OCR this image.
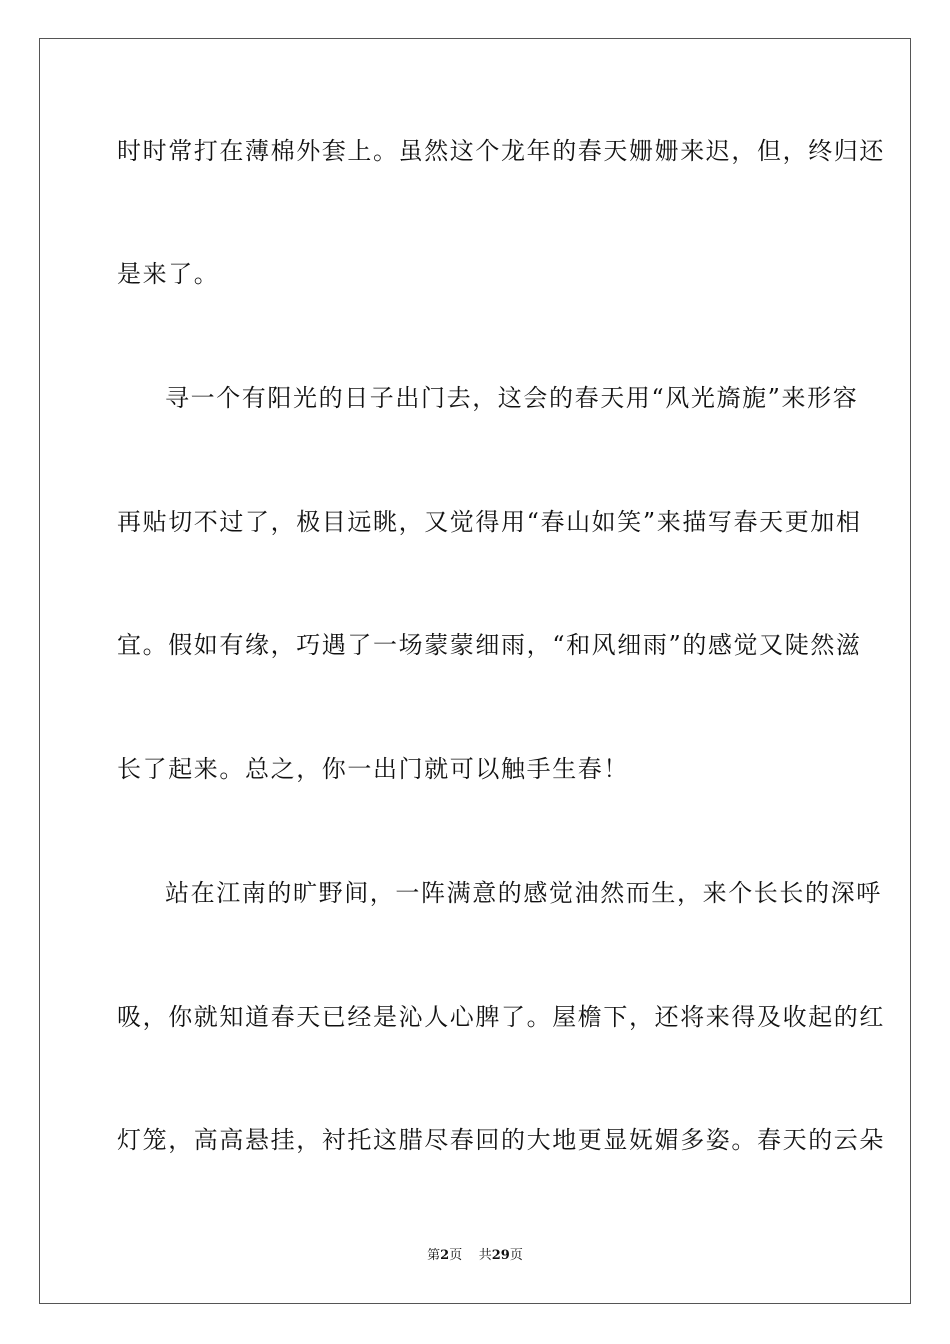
时时常打在薄棉外套上。虽然这个龙年的春天姗姗来迟，但，终归还
是来了。
寻一个有阳光的日子出门去，这会的春天用“风光旖旎”来形容
再贴切不过了，极目远眺，又觉得用“春山如笑”来描写春天更加相
宜。假如有缘，巧遇了一场蒙蒙细雨，“和风细雨”的感觉又陡然滋
长了起来。总之，你一出门就可以触手生春！
站在江南的旷野间，一阵满意的感觉油然而生，来个长长的深呼
吸，你就知道春天已经是沁人心脾了。屋檐下，还将来得及收起的红
灯笼，高高悬挂，衬托这腊尽春回的大地更显妩媚多姿。春天的云朵
第2页 共29页
